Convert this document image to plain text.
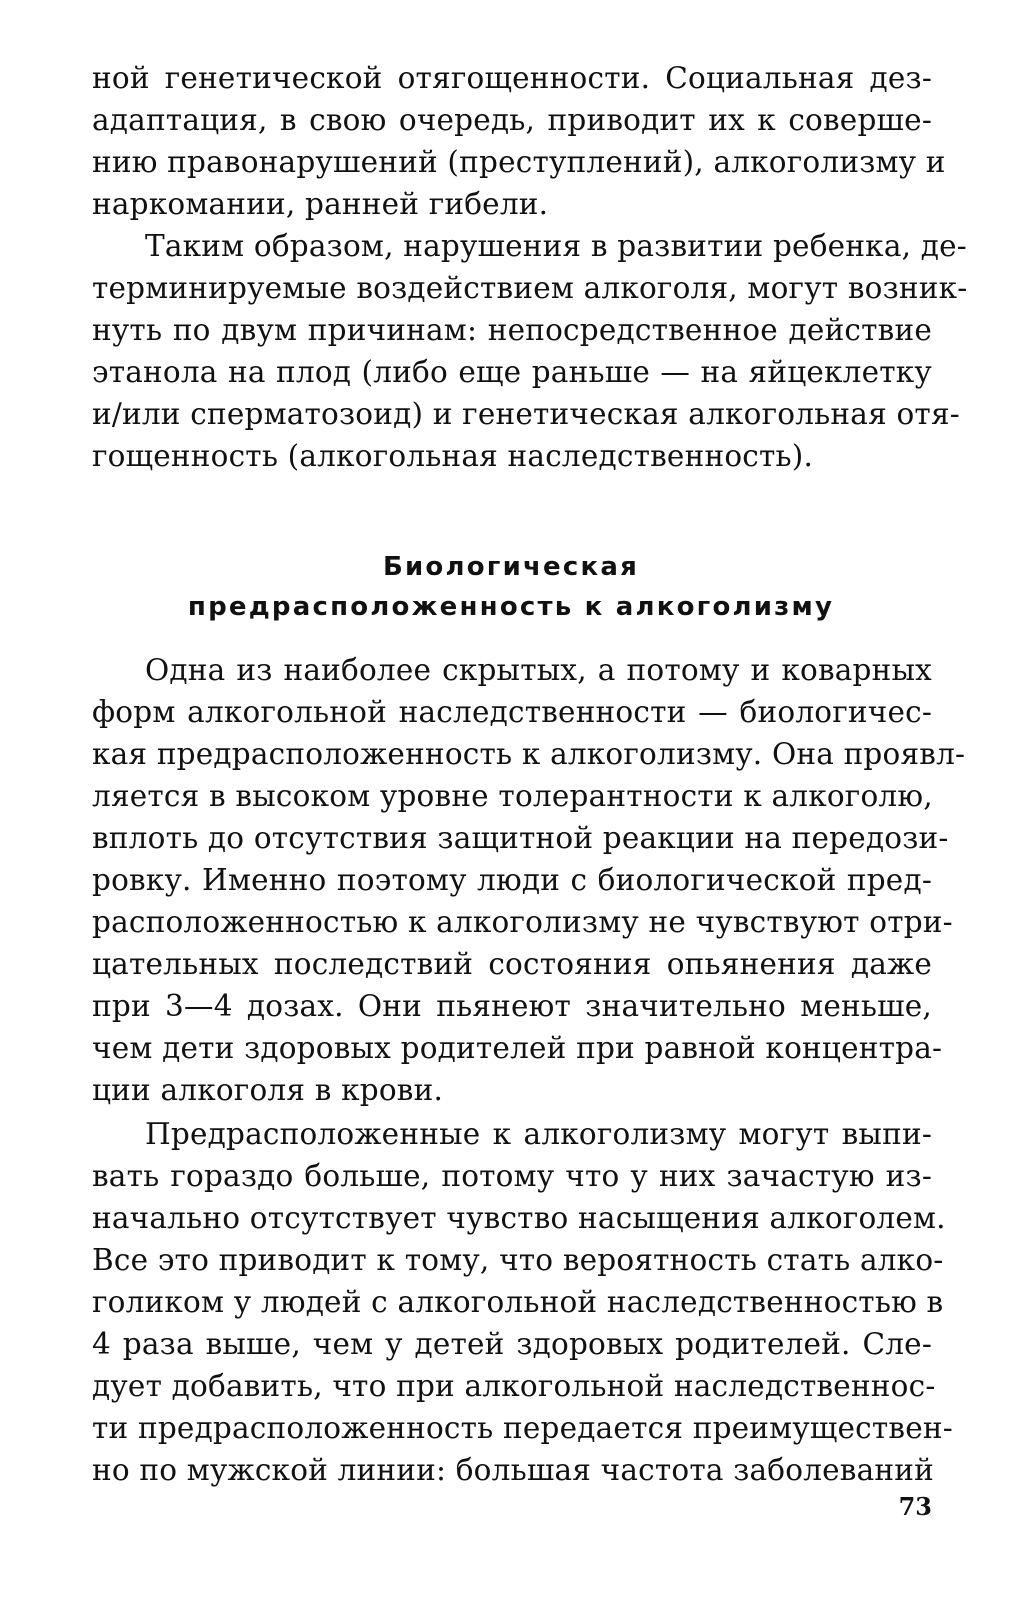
ной генетической отягощенности. Социальная дез-
адаптация, в свою очередь, приводит их к соверше-
нию правонарушений (преступлений), алкоголизму и
наркомании, ранней гибели.
Таким образом, нарушения в развитии ребенка, де-
терминируемые воздействием алкоголя, могут возник-
нуть по двум причинам: непосредственное действие
этанола на плод (либо еще раньше — на яйцеклетку
и/или сперматозоид) и генетическая алкогольная отя-
гощенность (алкогольная наследственность).
Биологическая
предрасположенность к алкоголизму
Одна из наиболее скрытых, а потому и коварных
форм алкогольной наследственности — биологичес-
кая предрасположенность к алкоголизму. Она проявл-
ляется в высоком уровне толерантности к алкоголю,
вплоть до отсутствия защитной реакции на передози-
ровку. Именно поэтому люди с биологической пред-
расположенностью к алкоголизму не чувствуют отри-
цательных последствий состояния опьянения даже
при 3—4 дозах. Они пьянеют значительно меньше,
чем дети здоровых родителей при равной концентра-
ции алкоголя в крови.
Предрасположенные к алкоголизму могут выпи-
вать гораздо больше, потому что у них зачастую из-
начально отсутствует чувство насыщения алкоголем.
Все это приводит к тому, что вероятность стать алко-
голиком у людей с алкогольной наследственностью в
4 раза выше, чем у детей здоровых родителей. Сле-
дует добавить, что при алкогольной наследственнос-
ти предрасположенность передается преимуществен-
но по мужской линии: большая частота заболеваний
73
